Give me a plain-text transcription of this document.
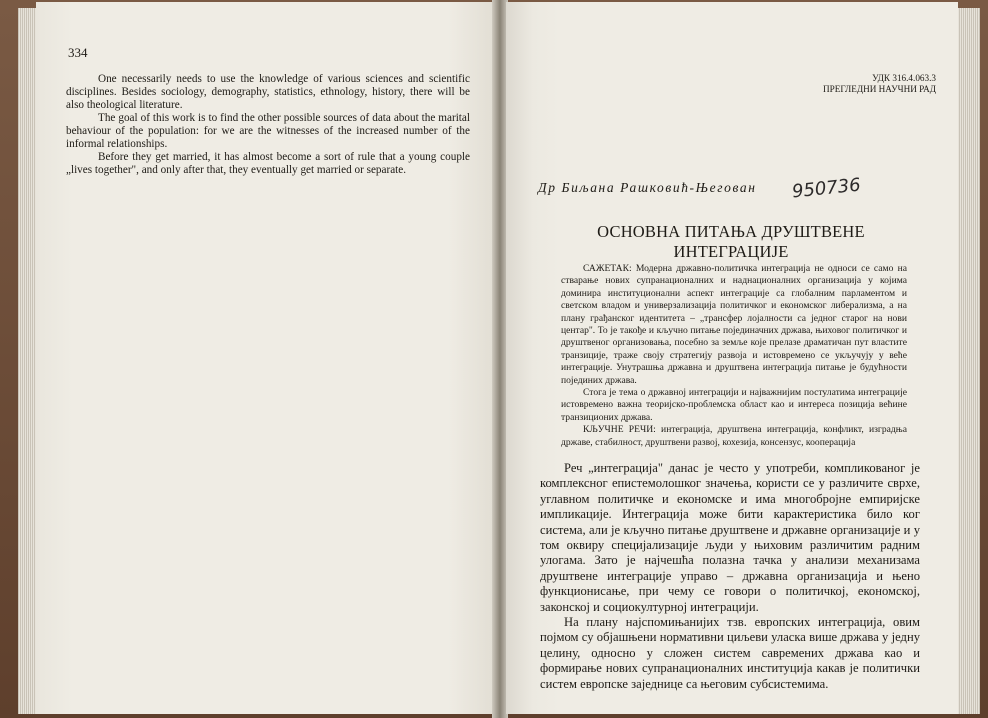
334

One necessarily needs to use the knowledge of various sciences and scientific disciplines. Besides sociology, demography, statistics, ethnology, history, there will be also theological literature.

The goal of this work is to find the other possible sources of data about the marital behaviour of the population: for we are the witnesses of the increased number of the informal relationships.

Before they get married, it has almost become a sort of rule that a young couple „lives together", and only after that, they eventually get married or separate.

УДК 316.4.063.3
ПРЕГЛЕДНИ НАУЧНИ РАД
Др Биљана Рашковић-Његован 950736
ОСНОВНА ПИТАЊА ДРУШТВЕНЕ ИНТЕГРАЦИЈЕ

САЖЕТАК: Модерна државно-политичка интеграција не односи се само на стварање нових супранационалних и наднационалних организација у којима доминира институционални аспект интеграције са глобалним парламентом и светском владом и универзализација политичког и економског либерализма, а на плану грађанског идентитета – „трансфер лојалности са једног старог на нови центар". То је такође и кључно питање појединачних држава, њиховог политичког и друштвеног организовања, посебно за земље које прелазе драматичан пут властите транзиције, траже своју стратегију развоја и истовремено се укључују у веће интеграције. Унутрашња државна и друштвена интеграција питање је будућности појединих држава.

Стога је тема о државној интеграцији и најважнијим постулатима интеграције истовремено важна теоријско-проблемска област као и интереса позиција већине транзиционих држава.

КЉУЧНЕ РЕЧИ: интеграција, друштвена интеграција, конфликт, изградња државе, стабилност, друштвени развој, кохезија, консензус, кооперација

Реч „интеграција" данас је често у употреби, компликованог је комплексног епистемолошког значења, користи се у различите сврхе, углавном политичке и економске и има многобројне емпиријске импликације. Интеграција може бити карактеристика било ког система, али је кључно питање друштвене и државне организације и у том оквиру специјализације људи у њиховим различитим радним улогама. Зато је најчешћа полазна тачка у анализи механизама друштвене интеграције управо – државна организација и њено функционисање, при чему се говори о политичкој, економској, законској и социокултурној интеграцији.

На плану најспомињанијих тзв. европских интеграција, овим појмом су објашњени нормативни циљеви уласка више држава у једну целину, односно у сложен систем савремених држава као и формирање нових супранационалних институција какав је политички систем европске заједнице са његовим субсистемима.
